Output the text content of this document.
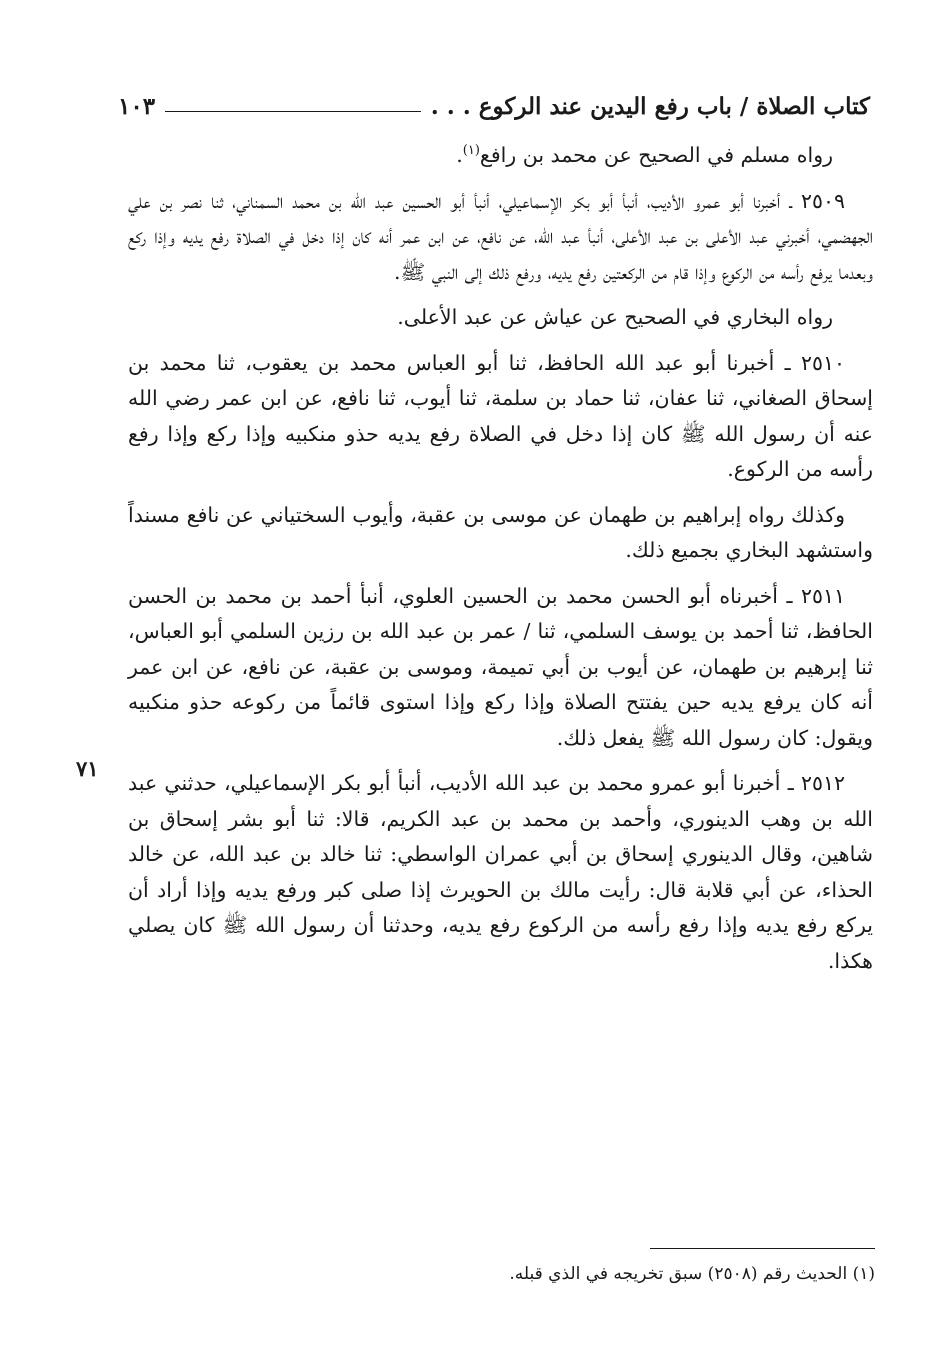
كتاب الصلاة / باب رفع اليدين عند الركوع . . .
١٠٣

رواه مسلم في الصحيح عن محمد بن رافع$^{(١)}$.

٢٥٠٩ ـ أخبرنا أبو عمرو الأديب، أنبأ أبو بكر الإسماعيلي، أنبأ أبو الحسين عبد الله بن محمد السمناني، ثنا نصر بن علي الجهضمي، أخبرني عبد الأعلى بن عبد الأعلى، أنبأ عبد الله، عن نافع، عن ابن عمر أنه كان إذا دخل في الصلاة رفع يديه وإذا ركع وبعدما يرفع رأسه من الركوع وإذا قام من الركعتين رفع يديه، ورفع ذلك إلى النبي ﷺ.

رواه البخاري في الصحيح عن عياش عن عبد الأعلى.

٢٥١٠ ـ أخبرنا أبو عبد الله الحافظ، ثنا أبو العباس محمد بن يعقوب، ثنا محمد بن إسحاق الصغاني، ثنا عفان، ثنا حماد بن سلمة، ثنا أيوب، ثنا نافع، عن ابن عمر رضي الله عنه أن رسول الله ﷺ كان إذا دخل في الصلاة رفع يديه حذو منكبيه وإذا ركع وإذا رفع رأسه من الركوع.

وكذلك رواه إبراهيم بن طهمان عن موسى بن عقبة، وأيوب السختياني عن نافع مسنداً واستشهد البخاري بجميع ذلك.

٢٥١١ ـ أخبرناه أبو الحسن محمد بن الحسين العلوي، أنبأ أحمد بن محمد بن الحسن الحافظ، ثنا أحمد بن يوسف السلمي، ثنا / عمر بن عبد الله بن رزين السلمي أبو العباس، ثنا إبرهيم بن طهمان، عن أيوب بن أبي تميمة، وموسى بن عقبة، عن نافع، عن ابن عمر أنه كان يرفع يديه حين يفتتح الصلاة وإذا ركع وإذا استوى قائماً من ركوعه حذو منكبيه ويقول: كان رسول الله ﷺ يفعل ذلك.

٢٥١٢ ـ أخبرنا أبو عمرو محمد بن عبد الله الأديب، أنبأ أبو بكر الإسماعيلي، حدثني عبد الله بن وهب الدينوري، وأحمد بن محمد بن عبد الكريم، قالا: ثنا أبو بشر إسحاق بن شاهين، وقال الدينوري إسحاق بن أبي عمران الواسطي: ثنا خالد بن عبد الله، عن خالد الحذاء، عن أبي قلابة قال: رأيت مالك بن الحويرث إذا صلى كبر ورفع يديه وإذا أراد أن يركع رفع يديه وإذا رفع رأسه من الركوع رفع يديه، وحدثنا أن رسول الله ﷺ كان يصلي هكذا.

٧١
(١) الحديث رقم (٢٥٠٨) سبق تخريجه في الذي قبله.
